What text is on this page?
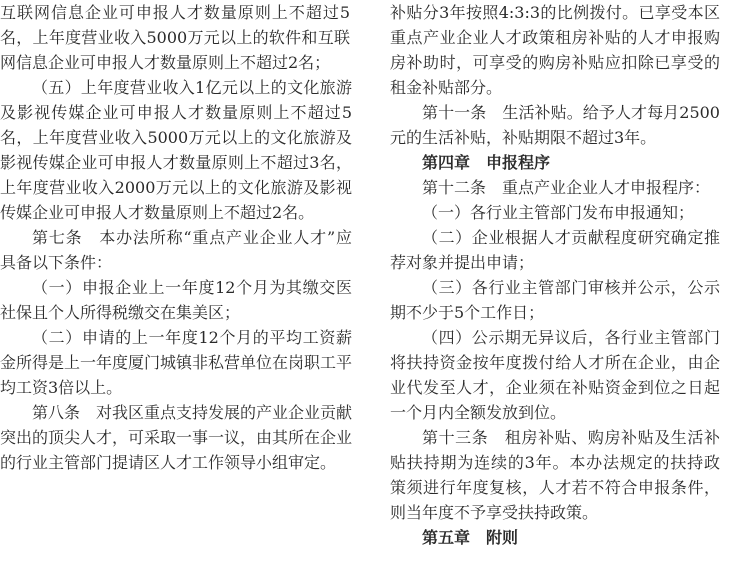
互联网信息企业可申报人才数量原则上不超过5名，上年度营业收入5000万元以上的软件和互联网信息企业可申报人才数量原则上不超过2名；

（五）上年度营业收入1亿元以上的文化旅游及影视传媒企业可申报人才数量原则上不超过5名，上年度营业收入5000万元以上的文化旅游及影视传媒企业可申报人才数量原则上不超过3名，上年度营业收入2000万元以上的文化旅游及影视传媒企业可申报人才数量原则上不超过2名。

第七条　本办法所称“重点产业企业人才”应具备以下条件：

（一）申报企业上一年度12个月为其缴交医社保且个人所得税缴交在集美区；

（二）申请的上一年度12个月的平均工资薪金所得是上一年度厦门城镇非私营单位在岗职工平均工资3倍以上。

第八条　对我区重点支持发展的产业企业贡献突出的顶尖人才，可采取一事一议，由其所在企业的行业主管部门提请区人才工作领导小组审定。

补贴分3年按照4:3:3的比例拨付。已享受本区重点产业企业人才政策租房补贴的人才申报购房补助时，可享受的购房补贴应扣除已享受的租金补贴部分。

第十一条　生活补贴。给予人才每月2500元的生活补贴，补贴期限不超过3年。

第四章　申报程序

第十二条　重点产业企业人才申报程序：

（一）各行业主管部门发布申报通知；

（二）企业根据人才贡献程度研究确定推荐对象并提出申请；

（三）各行业主管部门审核并公示，公示期不少于5个工作日；

（四）公示期无异议后，各行业主管部门将扶持资金按年度拨付给人才所在企业，由企业代发至人才，企业须在补贴资金到位之日起一个月内全额发放到位。

第十三条　租房补贴、购房补贴及生活补贴扶持期为连续的3年。本办法规定的扶持政策须进行年度复核，人才若不符合申报条件，则当年度不予享受扶持政策。

第五章　附则
